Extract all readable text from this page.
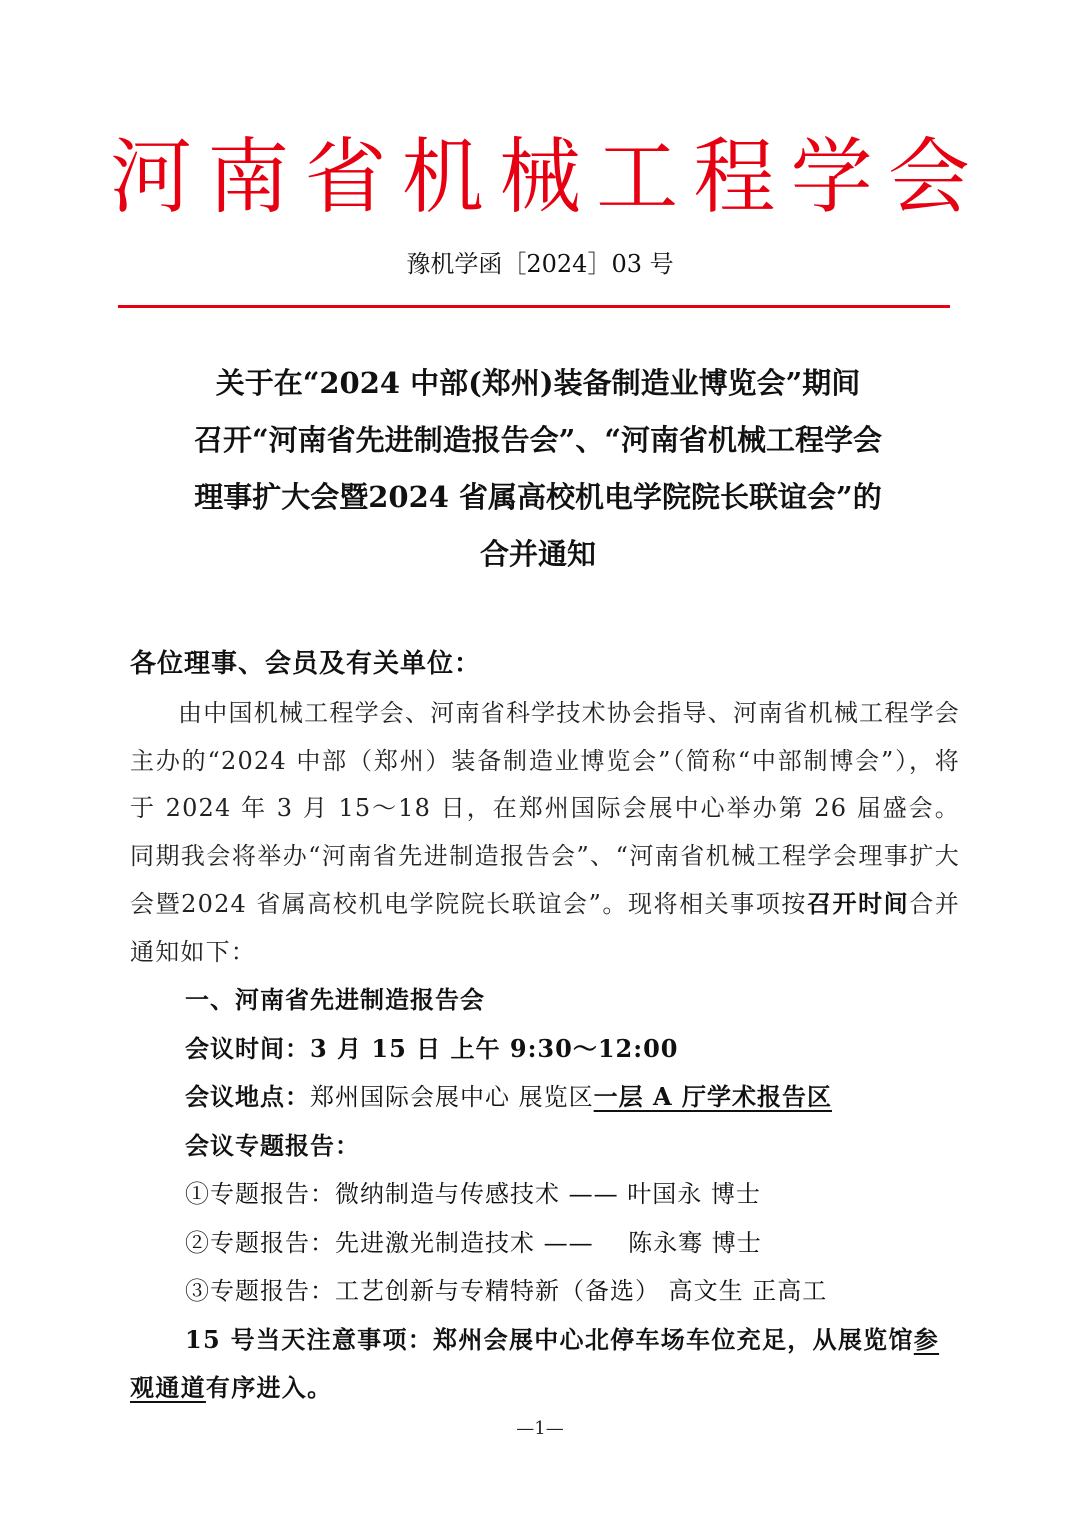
河 南 省 机 械 工 程 学 会
豫机学函［2024］03 号
关于在“2024 中部(郑州)装备制造业博览会”期间
召开“河南省先进制造报告会”、“河南省机械工程学会
理事扩大会暨2024 省属高校机电学院院长联谊会”的
合并通知
各位理事、会员及有关单位：
由中国机械工程学会、河南省科学技术协会指导、河南省机械工程学会主办的“2024 中部（郑州）装备制造业博览会”（简称“中部制博会”），将于 2024 年 3 月 15～18 日，在郑州国际会展中心举办第 26 届盛会。同期我会将举办“河南省先进制造报告会”、“河南省机械工程学会理事扩大会暨2024 省属高校机电学院院长联谊会”。现将相关事项按召开时间合并通知如下：
一、河南省先进制造报告会
会议时间：3 月 15 日 上午 9:30～12:00
会议地点：郑州国际会展中心 展览区一层 A 厅学术报告区
会议专题报告：
①专题报告：微纳制造与传感技术 —— 叶国永 博士
②专题报告：先进激光制造技术 ——    陈永骞 博士
③专题报告：工艺创新与专精特新（备选） 高文生 正高工
15 号当天注意事项：郑州会展中心北停车场车位充足，从展览馆参观通道有序进入。
—1—
